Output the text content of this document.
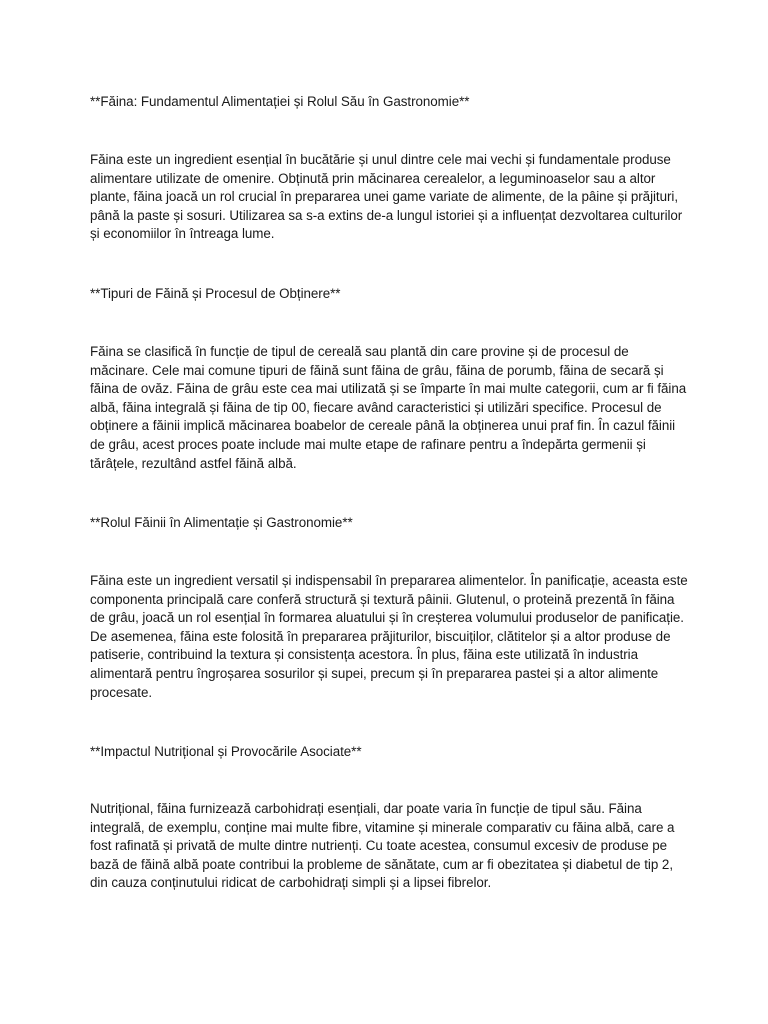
**Făina: Fundamentul Alimentației și Rolul Său în Gastronomie**

Făina este un ingredient esențial în bucătărie și unul dintre cele mai vechi și fundamentale produse alimentare utilizate de omenire. Obținută prin măcinarea cerealelor, a leguminoaselor sau a altor plante, făina joacă un rol crucial în prepararea unei game variate de alimente, de la pâine și prăjituri, până la paste și sosuri. Utilizarea sa s-a extins de-a lungul istoriei și a influențat dezvoltarea culturilor și economiilor în întreaga lume.

**Tipuri de Făină și Procesul de Obținere**

Făina se clasifică în funcție de tipul de cereală sau plantă din care provine și de procesul de măcinare. Cele mai comune tipuri de făină sunt făina de grâu, făina de porumb, făina de secară și făina de ovăz. Făina de grâu este cea mai utilizată și se împarte în mai multe categorii, cum ar fi făina albă, făina integrală și făina de tip 00, fiecare având caracteristici și utilizări specifice. Procesul de obținere a făinii implică măcinarea boabelor de cereale până la obținerea unui praf fin. În cazul făinii de grâu, acest proces poate include mai multe etape de rafinare pentru a îndepărta germenii și tărâțele, rezultând astfel făină albă.

**Rolul Făinii în Alimentație și Gastronomie**

Făina este un ingredient versatil și indispensabil în prepararea alimentelor. În panificație, aceasta este componenta principală care conferă structură și textură pâinii. Glutenul, o proteină prezentă în făina de grâu, joacă un rol esențial în formarea aluatului și în creșterea volumului produselor de panificație. De asemenea, făina este folosită în prepararea prăjiturilor, biscuiților, clătitelor și a altor produse de patiserie, contribuind la textura și consistența acestora. În plus, făina este utilizată în industria alimentară pentru îngroșarea sosurilor și supei, precum și în prepararea pastei și a altor alimente procesate.

**Impactul Nutrițional și Provocările Asociate**

Nutrițional, făina furnizează carbohidrați esențiali, dar poate varia în funcție de tipul său. Făina integrală, de exemplu, conține mai multe fibre, vitamine și minerale comparativ cu făina albă, care a fost rafinată și privată de multe dintre nutrienți. Cu toate acestea, consumul excesiv de produse pe bază de făină albă poate contribui la probleme de sănătate, cum ar fi obezitatea și diabetul de tip 2, din cauza conținutului ridicat de carbohidrați simpli și a lipsei fibrelor.
